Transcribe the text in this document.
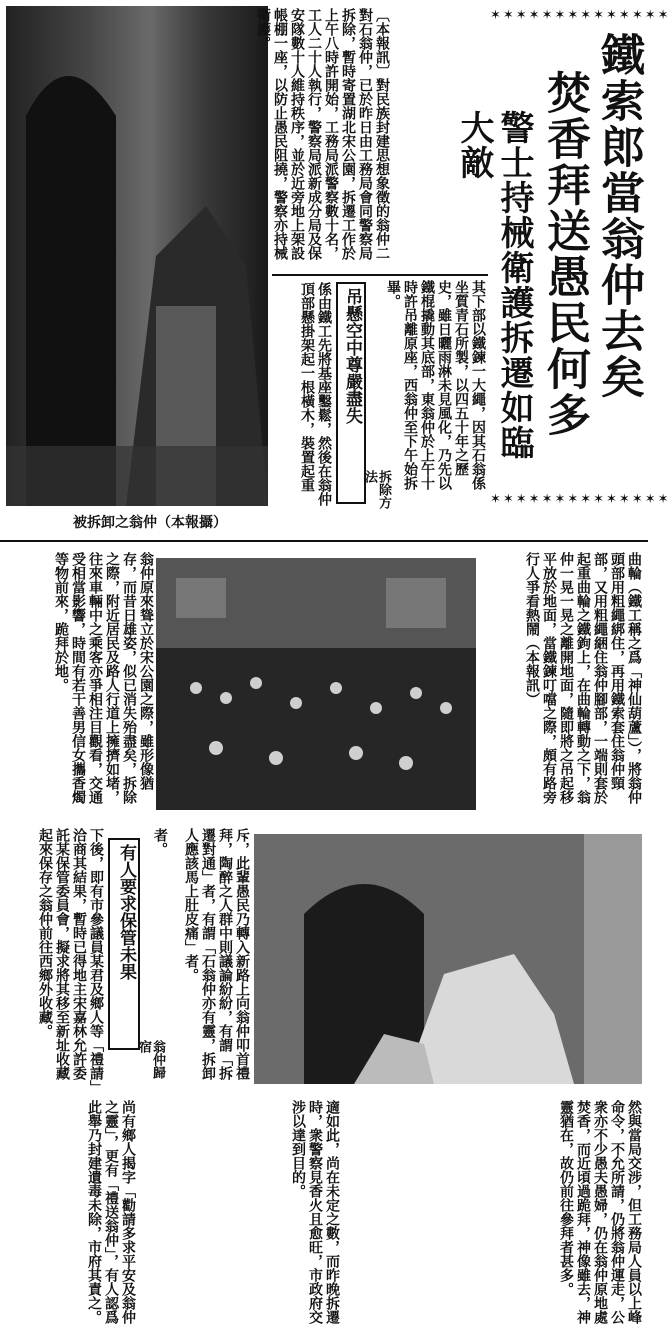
被拆卸之翁仲（本報攝）
〔本報訊〕對民族封建思想象徵的翁仲二對石翁仲，已於昨日由工務局會同警察局拆除，暫時寄置湖北宋公園，拆遷工作於上午八時許開始，工務局派警察數十名，工人二十人執行，警察局派新成分局及保安隊數十人維持秩序，並於近旁地上架設帳棚一座，以防止愚民阻撓，警察亦持械衛護。
其下部以鐵鍊一大繩，因其石翁係坐質青石所製，以四五十年之歷史，雖日曬雨淋未見風化，乃先以鐵棍撬動其底部，東翁仲於上午十時許吊離原座，西翁仲至下午始拆畢。
吊懸空中尊嚴盡失
拆除方法
係由鐵工先將基座鑿鬆，然後在翁仲頂部懸掛架起一根橫木，裝置起重
✶✶✶✶✶✶✶✶✶✶✶✶✶✶
鐵索郎當翁仲去矣
焚香拜送愚民何多
警士持械衛護拆遷如臨大敵
✶✶✶✶✶✶✶✶✶✶✶✶✶✶
翁仲原來聳立於宋公園之際，雖形像猶存，而昔日雄姿，似已消失殆盡矣，拆除之際，附近居民及路人行道上擁擠如堵，往來車輛中之乘客亦爭相注目觀看，交通受相當影響，時間有若干善男信女攜香燭等物前來，跪拜於地。	曲輪（鐵工稱之爲「神仙葫蘆」），將翁仲頭部用粗繩綁住，再用鐵索套住翁仲頸部，又用粗繩綑住翁仲腳部，一端則套於起重曲輪之鐵鉤上，在曲輪轉動之下，翁仲一晃一晃之離開地面，隨即將之吊起移平放於地面，當鐵鍊叮噹之際，頗有路旁行人爭看熱鬧（本報訊）
下後，即有市參議員某君及鄉人等「禮請」洽商其結果，暫時已得地主宋嘉林允許委託某保管委員會，擬求將其移至新址收藏起來保存之翁仲前往西鄉外收藏。	有人要求保管未果
翁仲歸宿	斥，此輩愚民乃轉入新路上向翁仲叩首禮拜，陶醉之人群中則議論紛紛，有謂「拆遷對通」者，有謂「石翁仲亦有靈，拆卸人應該馬上肚皮痛」者。
者。
尚有鄉人揭字「勸請多求平安及翁仲之靈」，更有「禮送翁仲」，有人認爲此舉乃封建遺毒未除，市府其責之。	適如此，尚在未定之數，而昨晚拆遷時，衆警察見香火且愈旺，市政府交涉以達到目的。	然與當局交涉，但工務局人員以上峰命令，不允所請，仍將翁仲運走，公衆亦不少愚夫愚婦，仍在翁仲原地處焚香，而近頃過跪拜，神像雖去，神靈猶在，故仍前往參拜者甚多。
